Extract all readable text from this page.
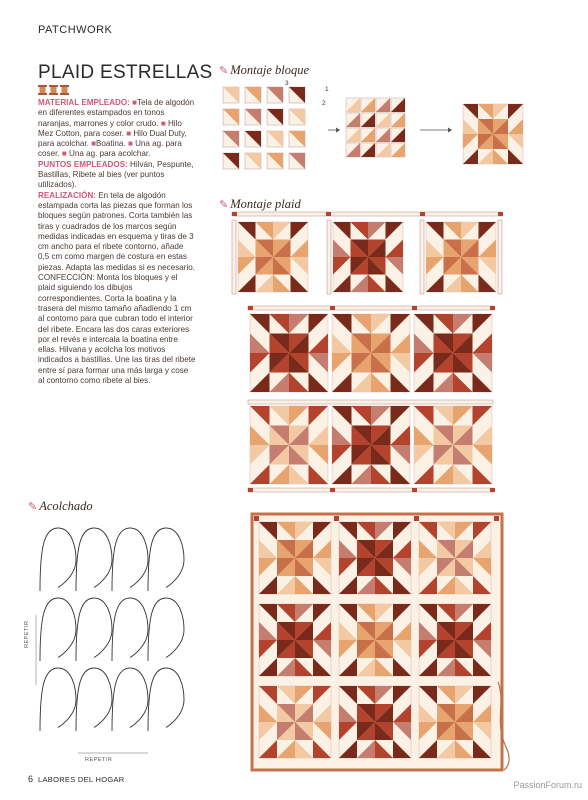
PATCHWORK
PLAID ESTRELLAS

MATERIAL EMPLEADO: ■Tela de algodón en diferentes estampados en tonos naranjas, marrones y color crudo. ■ Hilo Mez Cotton, para coser. ■ Hilo Dual Duty, para acolchar. ■Boatina. ■ Una ag. para coser. ■ Una ag. para acolchar.

PUNTOS EMPLEADOS: Hilván, Pespunte, Bastillas, Ribete al bies (ver puntos utilizados).

REALIZACIÓN: En tela de algodón estampada corta las piezas que forman los bloques según patrones. Corta también las tiras y cuadrados de los marcos según medidas indicadas en esquema y tiras de 3 cm ancho para el ribete contorno, añade 0,5 cm como margen de costura en estas piezas. Adapta las medidas si es necesario.

CONFECCIÓN: Monta los bloques y el plaid siguiendo los dibujos correspondientes. Corta la boatina y la trasera del mismo tamaño añadiendo 1 cm al contorno para que cubran todo el interior del ribete. Encara las dos caras exteriores por el revés e intercala la boatina entre ellas. Hilvana y acolcha los motivos indicados a bastillas. Une las tiras del ribete entre sí para formar una más larga y cose al contorno como ribete al bies.

✎ Montaje bloque
✎ Montaje plaid
✎ Acolchado
3
1
2
REPETIR
REPETIR
6 LABORES DEL HOGAR
PassionForum.ru
